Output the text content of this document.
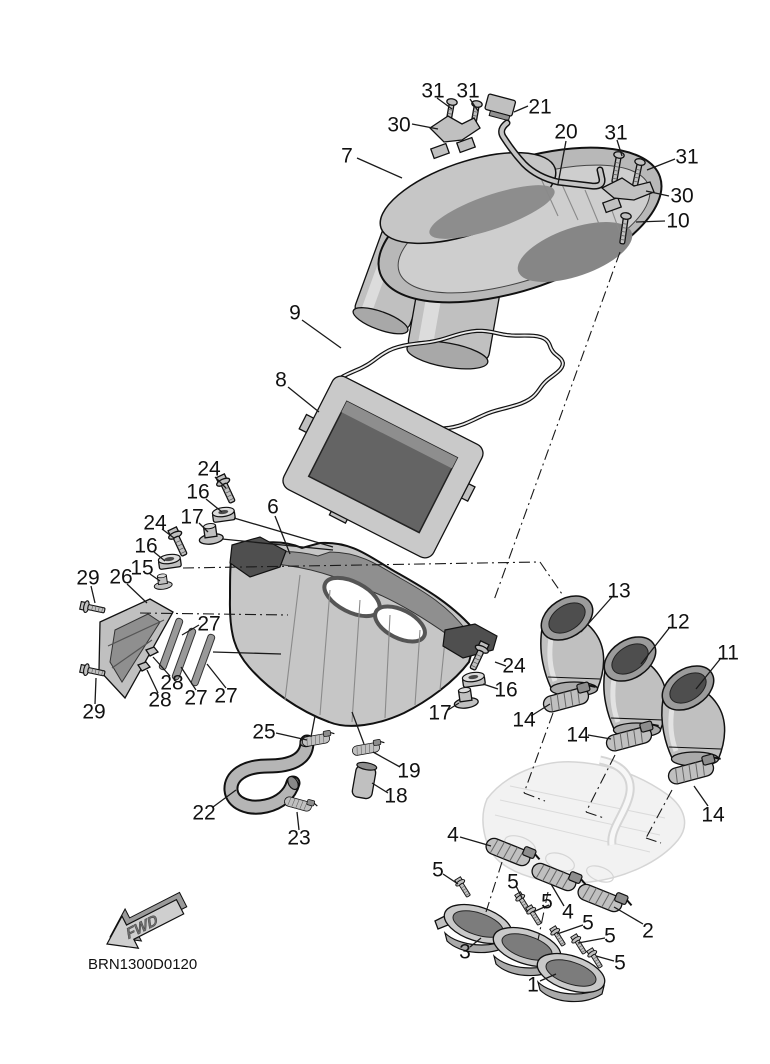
FWD
BRN1300D0120
7
31 31
21
30	20 31
31
30
10
9
8
6
24
16
17
24
16
15
29 26
27
28
28 27 27
29
13
12
11
24
16
17	14
14
14
25
19
18
22
23	4
5
5
5 4 5
5 2
3	5
1
